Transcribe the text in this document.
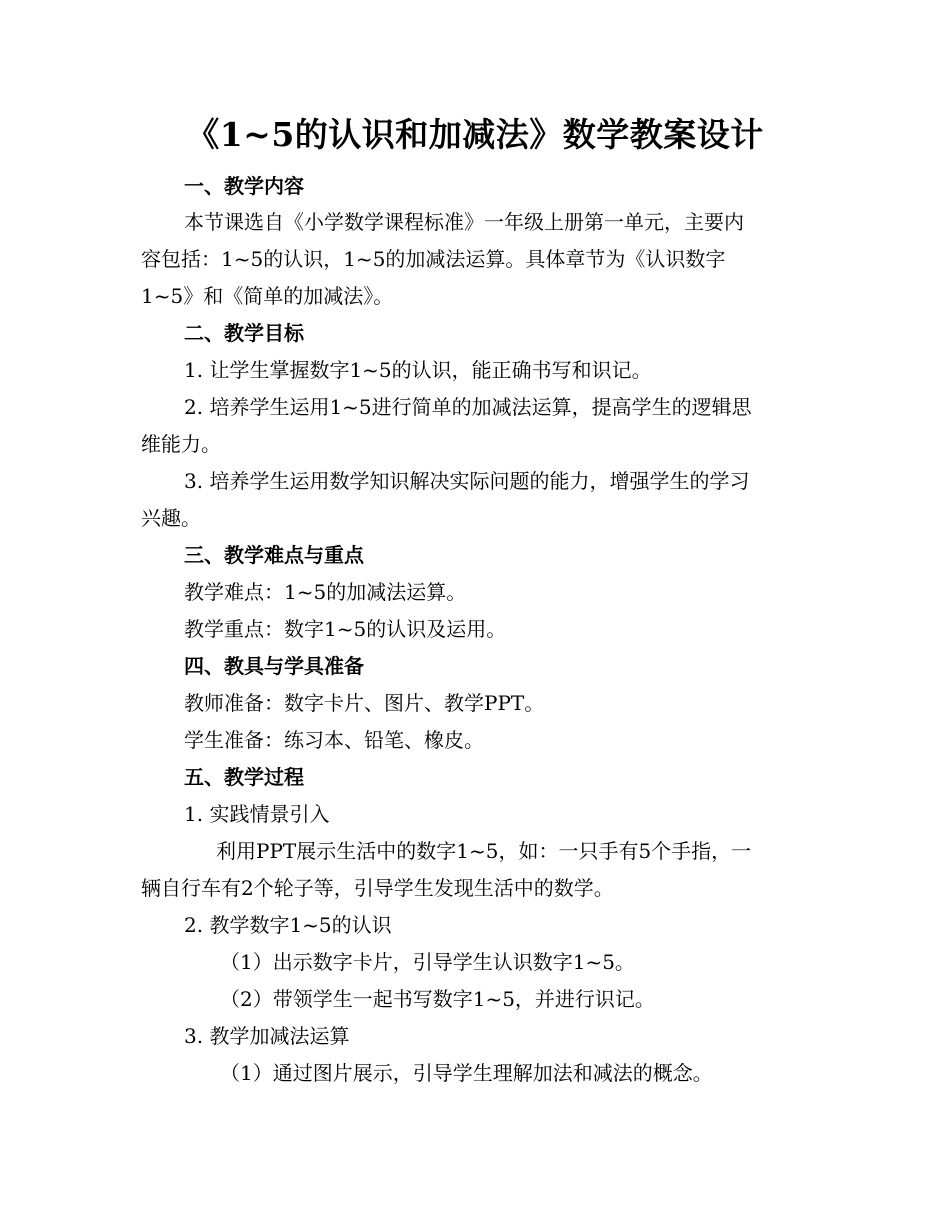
《1~5的认识和加减法》数学教案设计
一、教学内容
本节课选自《小学数学课程标准》一年级上册第一单元，主要内
容包括：1~5的认识，1~5的加减法运算。具体章节为《认识数字
1~5》和《简单的加减法》。
二、教学目标
1. 让学生掌握数字1~5的认识，能正确书写和识记。
2. 培养学生运用1~5进行简单的加减法运算，提高学生的逻辑思
维能力。
3. 培养学生运用数学知识解决实际问题的能力，增强学生的学习
兴趣。
三、教学难点与重点
教学难点：1~5的加减法运算。
教学重点：数字1~5的认识及运用。
四、教具与学具准备
教师准备：数字卡片、图片、教学PPT。
学生准备：练习本、铅笔、橡皮。
五、教学过程
1. 实践情景引入
利用PPT展示生活中的数字1~5，如：一只手有5个手指，一
辆自行车有2个轮子等，引导学生发现生活中的数学。
2. 教学数字1~5的认识
（1）出示数字卡片，引导学生认识数字1~5。
（2）带领学生一起书写数字1~5，并进行识记。
3. 教学加减法运算
（1）通过图片展示，引导学生理解加法和减法的概念。
